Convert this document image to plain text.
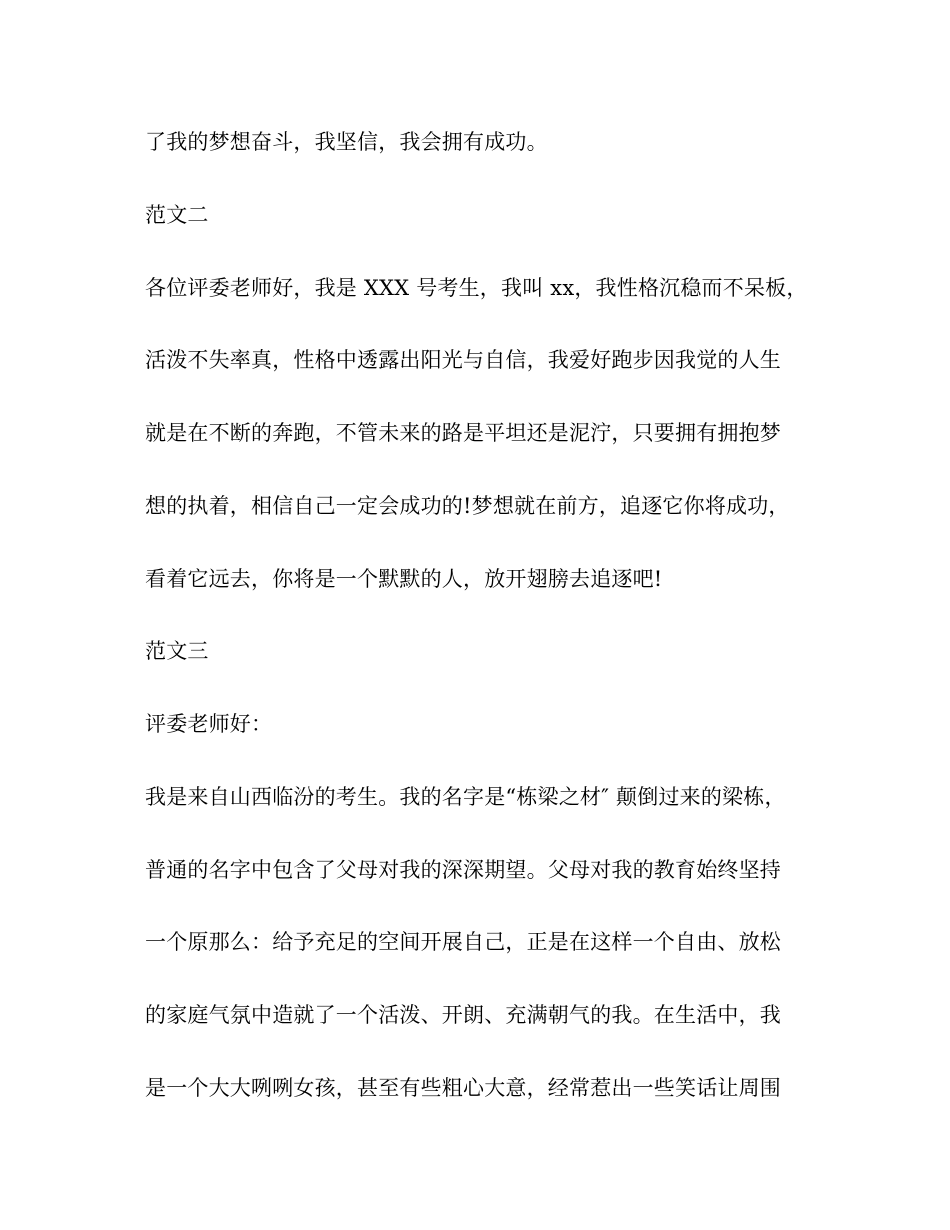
了我的梦想奋斗，我坚信，我会拥有成功。
范文二
各位评委老师好，我是 XXX 号考生，我叫 xx，我性格沉稳而不呆板，
活泼不失率真，性格中透露出阳光与自信，我爱好跑步因我觉的人生
就是在不断的奔跑，不管未来的路是平坦还是泥泞，只要拥有拥抱梦
想的执着，相信自己一定会成功的!梦想就在前方，追逐它你将成功，
看着它远去，你将是一个默默的人，放开翅膀去追逐吧!
范文三
评委老师好：
我是来自山西临汾的考生。我的名字是“栋梁之材″ 颠倒过来的梁栋，
普通的名字中包含了父母对我的深深期望。父母对我的教育始终坚持
一个原那么：给予充足的空间开展自己，正是在这样一个自由、放松
的家庭气氛中造就了一个活泼、开朗、充满朝气的我。在生活中，我
是一个大大咧咧女孩，甚至有些粗心大意，经常惹出一些笑话让周围
